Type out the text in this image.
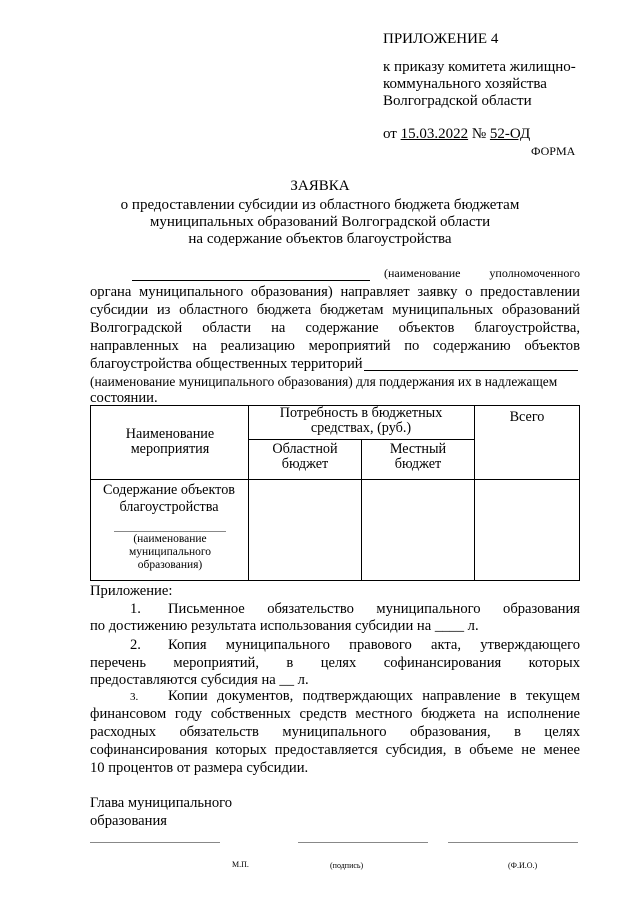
ПРИЛОЖЕНИЕ 4
к приказу комитета жилищно-
коммунального хозяйства
Волгоградской области
от 15.03.2022 № 52-ОД
ФОРМА
ЗАЯВКА
о предоставлении субсидии из областного бюджета бюджетам
муниципальных образований Волгоградской области
на содержание объектов благоустройства
(наименование уполномоченного
органа муниципального образования) направляет заявку о предоставлении
субсидии из областного бюджета бюджетам муниципальных образований
Волгоградской области на содержание объектов благоустройства,
направленных на реализацию мероприятий по содержанию объектов
благоустройства общественных территорий
(наименование муниципального образования) для поддержания их в надлежащем
состоянии.
Наименование мероприятия
Потребность в бюджетных средствах, (руб.)
Всего
Областной бюджет
Местный бюджет
Содержание объектов благоустройства
(наименование муниципального образования)
Приложение:
1. Письменное обязательство муниципального образования
по достижению результата использования субсидии на ____ л.
2. Копия муниципального правового акта, утверждающего
перечень мероприятий, в целях софинансирования которых
предоставляются субсидия на __ л.
3. Копии документов, подтверждающих направление в текущем
финансовом году собственных средств местного бюджета на исполнение
расходных обязательств муниципального образования, в целях
софинансирования которых предоставляется субсидия, в объеме не менее
10 процентов от размера субсидии.
Глава муниципального
образования
М.П.	(подпись)	(Ф.И.О.)
